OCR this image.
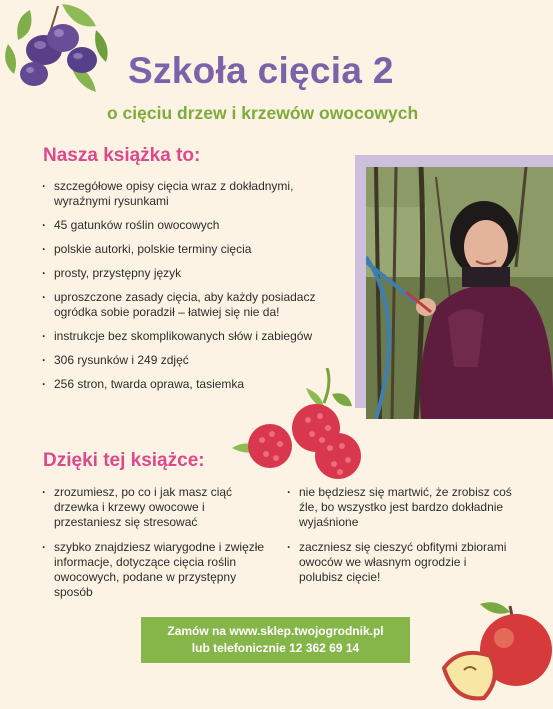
Szkoła cięcia 2
o cięciu drzew i krzewów owocowych
Nasza książka to:
· szczegółowe opisy cięcia wraz z dokładnymi, wyraźnymi rysunkami
· 45 gatunków roślin owocowych
· polskie autorki, polskie terminy cięcia
· prosty, przystępny język
· uproszczone zasady cięcia, aby każdy posiadacz ogródka sobie poradził – łatwiej się nie da!
· instrukcje bez skomplikowanych słów i zabiegów
· 306 rysunków i 249 zdjęć
· 256 stron, twarda oprawa, tasiemka
Dzięki tej książce:
· zrozumiesz, po co i jak masz ciąć drzewka i krzewy owocowe i przestaniesz się stresować
· szybko znajdziesz wiarygodne i zwięzłe informacje, dotyczące cięcia roślin owocowych, podane w przystępny sposób
· nie będziesz się martwić, że zrobisz coś źle, bo wszystko jest bardzo dokładnie wyjaśnione
· zaczniesz się cieszyć obfitymi zbiorami owoców we własnym ogrodzie i polubisz cięcie!
Zamów na www.sklep.twojogrodnik.pl
lub telefonicznie 12 362 69 14
